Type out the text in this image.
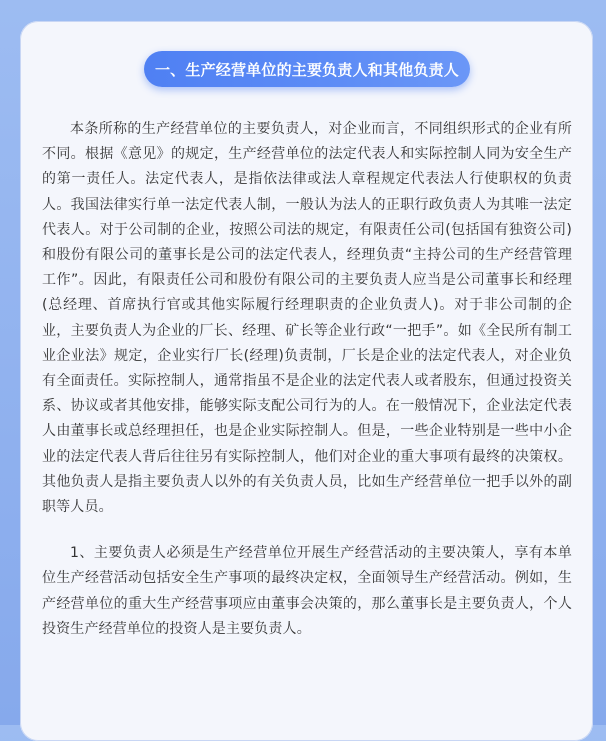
一、生产经营单位的主要负责人和其他负责人

本条所称的生产经营单位的主要负责人，对企业而言，不同组织形式的企业有所不同。根据《意见》的规定，生产经营单位的法定代表人和实际控制人同为安全生产的第一责任人。法定代表人，是指依法律或法人章程规定代表法人行使职权的负责人。我国法律实行单一法定代表人制，一般认为法人的正职行政负责人为其唯一法定代表人。对于公司制的企业，按照公司法的规定，有限责任公司(包括国有独资公司)和股份有限公司的董事长是公司的法定代表人，经理负责“主持公司的生产经营管理工作”。因此，有限责任公司和股份有限公司的主要负责人应当是公司董事长和经理(总经理、首席执行官或其他实际履行经理职责的企业负责人)。对于非公司制的企业，主要负责人为企业的厂长、经理、矿长等企业行政“一把手”。如《全民所有制工业企业法》规定，企业实行厂长(经理)负责制，厂长是企业的法定代表人，对企业负有全面责任。实际控制人，通常指虽不是企业的法定代表人或者股东，但通过投资关系、协议或者其他安排，能够实际支配公司行为的人。在一般情况下，企业法定代表人由董事长或总经理担任，也是企业实际控制人。但是，一些企业特别是一些中小企业的法定代表人背后往往另有实际控制人，他们对企业的重大事项有最终的决策权。其他负责人是指主要负责人以外的有关负责人员，比如生产经营单位一把手以外的副职等人员。

1、主要负责人必须是生产经营单位开展生产经营活动的主要决策人，享有本单位生产经营活动包括安全生产事项的最终决定权，全面领导生产经营活动。例如，生产经营单位的重大生产经营事项应由董事会决策的，那么董事长是主要负责人，个人投资生产经营单位的投资人是主要负责人。
